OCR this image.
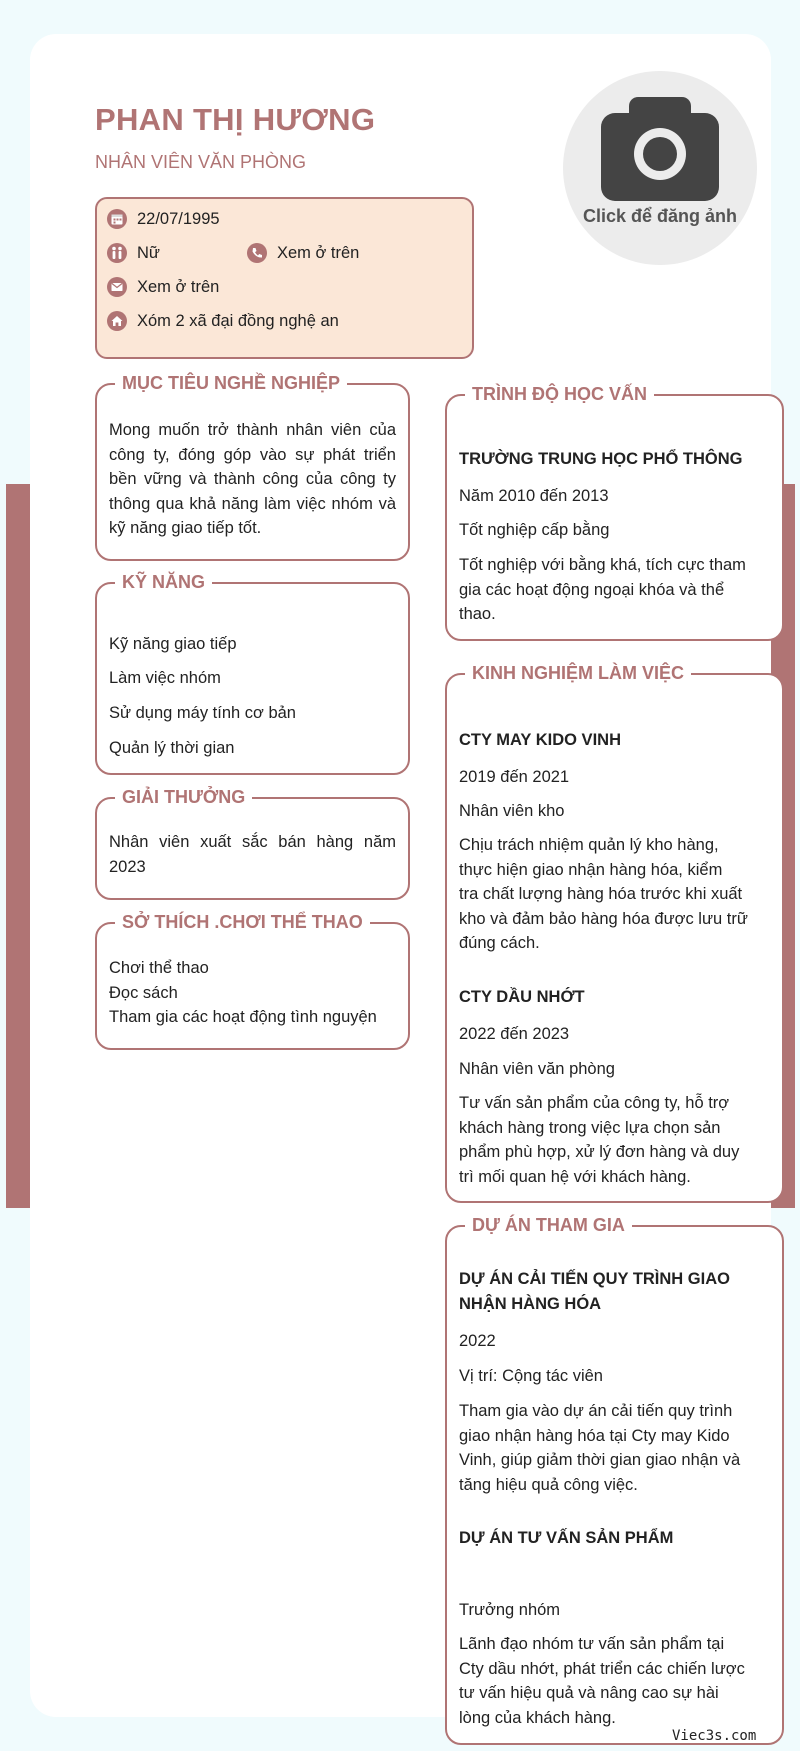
PHAN THỊ HƯƠNG
NHÂN VIÊN VĂN PHÒNG
Click để đăng ảnh
22/07/1995
Nữ	Xem ở trên
Xem ở trên
Xóm 2 xã đại đồng nghệ an
MỤC TIÊU NGHỀ NGHIỆP
Mong muốn trở thành nhân viên của
công ty, đóng góp vào sự phát triển
bền vững và thành công của công ty
thông qua khả năng làm việc nhóm và
kỹ năng giao tiếp tốt.
KỸ NĂNG
Kỹ năng giao tiếp
Làm việc nhóm
Sử dụng máy tính cơ bản
Quản lý thời gian
GIẢI THƯỞNG
Nhân viên xuất sắc bán hàng năm
2023
SỞ THÍCH .CHƠI THỂ THAO
Chơi thể thao
Đọc sách
Tham gia các hoạt động tình nguyện
TRÌNH ĐỘ HỌC VẤN
TRƯỜNG TRUNG HỌC PHỔ THÔNG
Năm 2010 đến 2013
Tốt nghiệp cấp bằng
Tốt nghiệp với bằng khá, tích cực tham
gia các hoạt động ngoại khóa và thể
thao.
KINH NGHIỆM LÀM VIỆC
CTY MAY KIDO VINH
2019 đến 2021
Nhân viên kho
Chịu trách nhiệm quản lý kho hàng,
thực hiện giao nhận hàng hóa, kiểm
tra chất lượng hàng hóa trước khi xuất
kho và đảm bảo hàng hóa được lưu trữ
đúng cách.
CTY DẦU NHỚT
2022 đến 2023
Nhân viên văn phòng
Tư vấn sản phẩm của công ty, hỗ trợ
khách hàng trong việc lựa chọn sản
phẩm phù hợp, xử lý đơn hàng và duy
trì mối quan hệ với khách hàng.
DỰ ÁN THAM GIA
DỰ ÁN CẢI TIẾN QUY TRÌNH GIAO
NHẬN HÀNG HÓA
2022
Vị trí: Cộng tác viên
Tham gia vào dự án cải tiến quy trình
giao nhận hàng hóa tại Cty may Kido
Vinh, giúp giảm thời gian giao nhận và
tăng hiệu quả công việc.
DỰ ÁN TƯ VẤN SẢN PHẨM
Trưởng nhóm
Lãnh đạo nhóm tư vấn sản phẩm tại
Cty dầu nhớt, phát triển các chiến lược
tư vấn hiệu quả và nâng cao sự hài
lòng của khách hàng.
Viec3s.com
